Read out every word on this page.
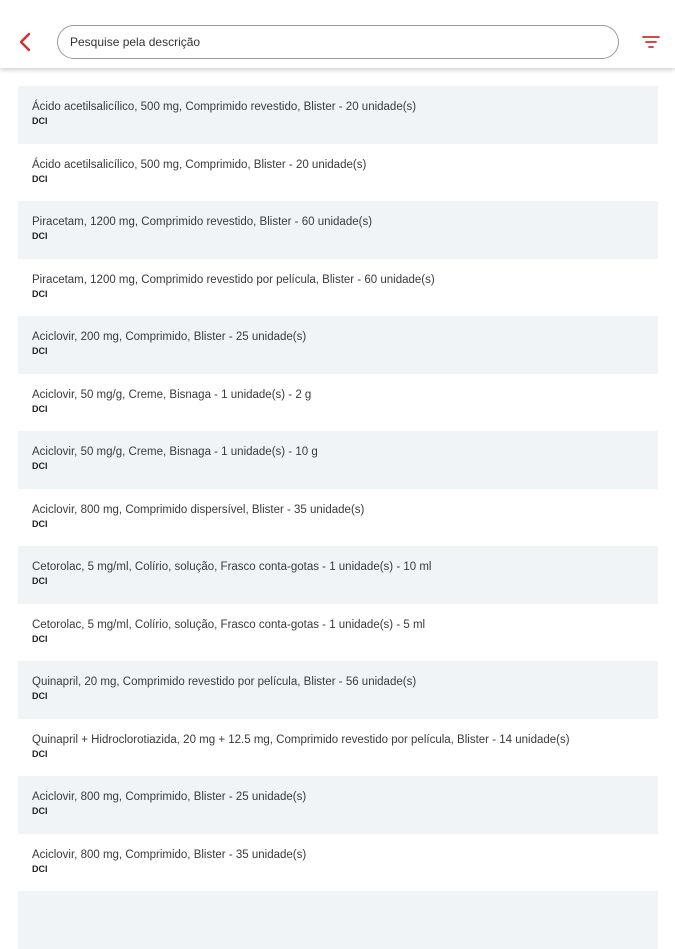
Pesquise pela descrição
Ácido acetilsalicílico, 500 mg, Comprimido revestido, Blister - 20 unidade(s)
DCI
Ácido acetilsalicílico, 500 mg, Comprimido, Blister - 20 unidade(s)
DCI
Piracetam, 1200 mg, Comprimido revestido, Blister - 60 unidade(s)
DCI
Piracetam, 1200 mg, Comprimido revestido por película, Blister - 60 unidade(s)
DCI
Aciclovir, 200 mg, Comprimido, Blister - 25 unidade(s)
DCI
Aciclovir, 50 mg/g, Creme, Bisnaga - 1 unidade(s) - 2 g
DCI
Aciclovir, 50 mg/g, Creme, Bisnaga - 1 unidade(s) - 10 g
DCI
Aciclovir, 800 mg, Comprimido dispersível, Blister - 35 unidade(s)
DCI
Cetorolac, 5 mg/ml, Colírio, solução, Frasco conta-gotas - 1 unidade(s) - 10 ml
DCI
Cetorolac, 5 mg/ml, Colírio, solução, Frasco conta-gotas - 1 unidade(s) - 5 ml
DCI
Quinapril, 20 mg, Comprimido revestido por película, Blister - 56 unidade(s)
DCI
Quinapril + Hidroclorotiazida, 20 mg + 12.5 mg, Comprimido revestido por película, Blister - 14 unidade(s)
DCI
Aciclovir, 800 mg, Comprimido, Blister - 25 unidade(s)
DCI
Aciclovir, 800 mg, Comprimido, Blister - 35 unidade(s)
DCI
